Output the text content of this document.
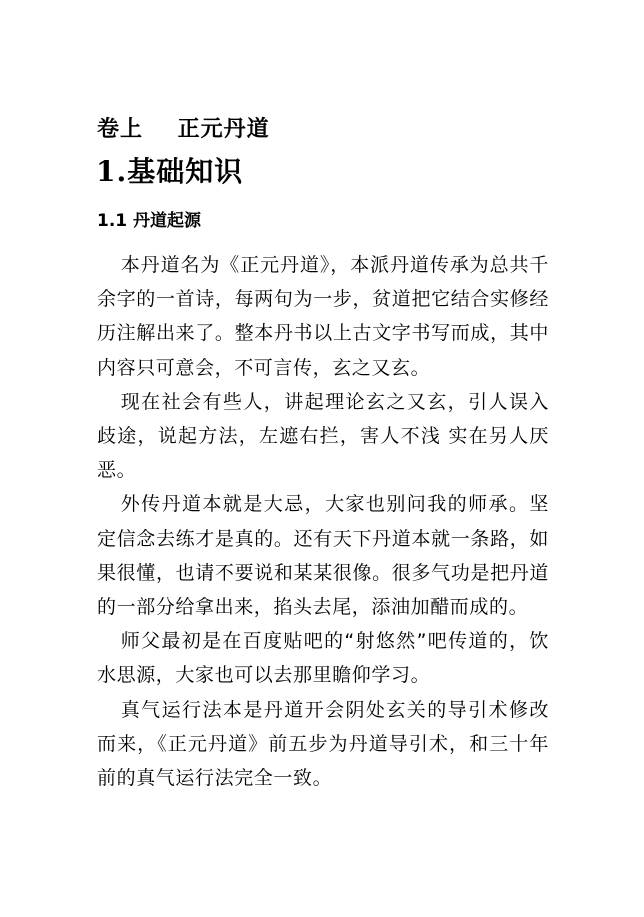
卷上    正元丹道
1.基础知识
1.1 丹道起源

本丹道名为《正元丹道》，本派丹道传承为总共千余字的一首诗，每两句为一步，贫道把它结合实修经历注解出来了。整本丹书以上古文字书写而成，其中内容只可意会，不可言传，玄之又玄。

现在社会有些人，讲起理论玄之又玄，引人误入歧途，说起方法，左遮右拦，害人不浅 实在另人厌恶。

外传丹道本就是大忌，大家也别问我的师承。坚定信念去练才是真的。还有天下丹道本就一条路，如果很懂，也请不要说和某某很像。很多气功是把丹道的一部分给拿出来，掐头去尾，添油加醋而成的。

师父最初是在百度贴吧的“射悠然”吧传道的，饮水思源，大家也可以去那里瞻仰学习。

真气运行法本是丹道开会阴处玄关的导引术修改而来，《正元丹道》前五步为丹道导引术，和三十年前的真气运行法完全一致。
